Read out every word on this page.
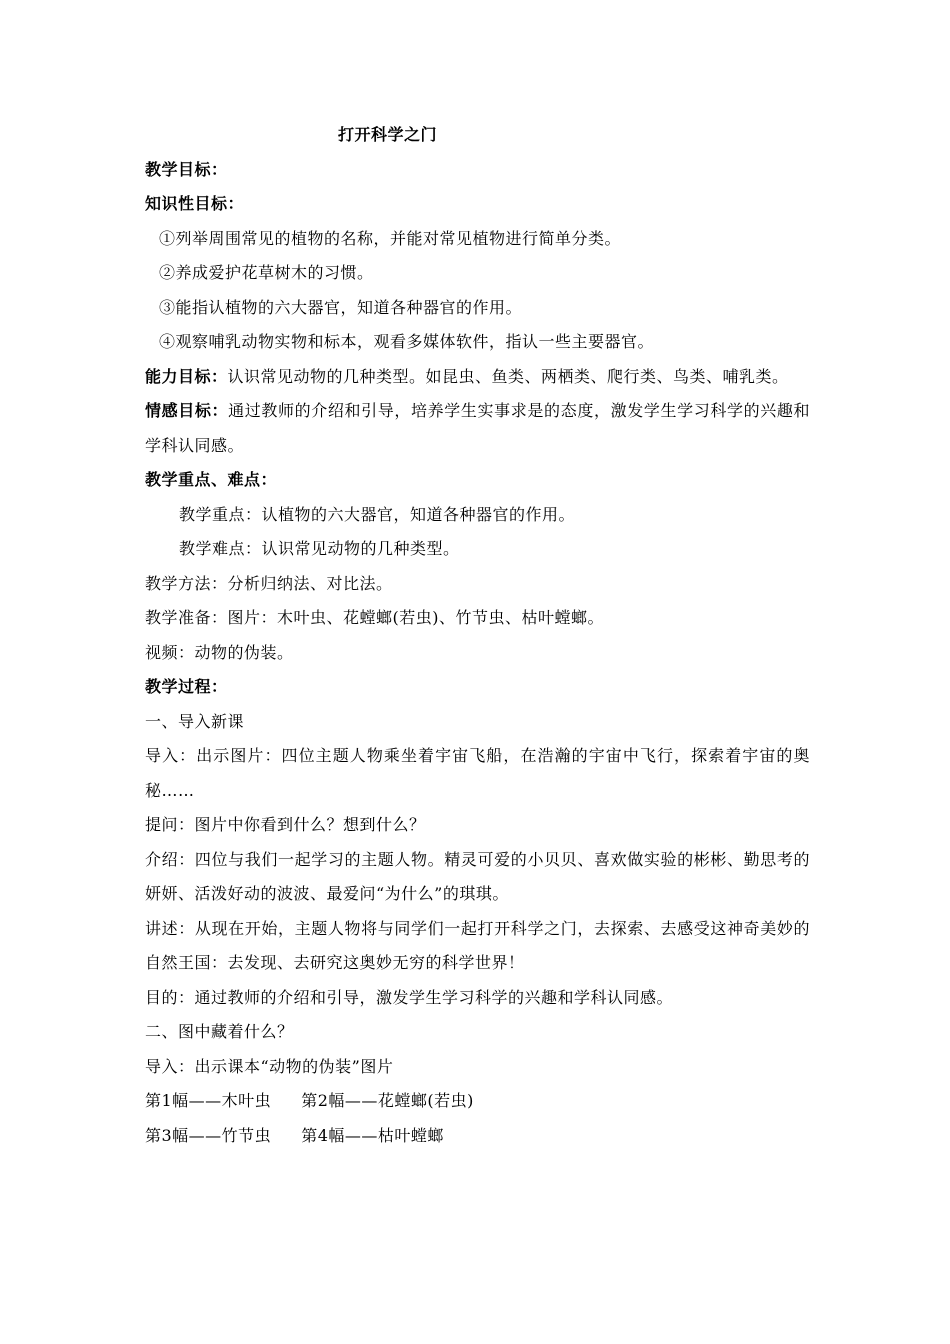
打开科学之门
教学目标：
知识性目标：
①列举周围常见的植物的名称，并能对常见植物进行简单分类。
②养成爱护花草树木的习惯。
③能指认植物的六大器官，知道各种器官的作用。
④观察哺乳动物实物和标本，观看多媒体软件，指认一些主要器官。
能力目标：认识常见动物的几种类型。如昆虫、鱼类、两栖类、爬行类、鸟类、哺乳类。
情感目标：通过教师的介绍和引导，培养学生实事求是的态度，激发学生学习科学的兴趣和学科认同感。
教学重点、难点：
教学重点：认植物的六大器官，知道各种器官的作用。
教学难点：认识常见动物的几种类型。
教学方法：分析归纳法、对比法。
教学准备：图片：木叶虫、花螳螂(若虫)、竹节虫、枯叶螳螂。
视频：动物的伪装。
教学过程：
一、导入新课
导入：出示图片：四位主题人物乘坐着宇宙飞船，在浩瀚的宇宙中飞行，探索着宇宙的奥秘……
提问：图片中你看到什么？想到什么？
介绍：四位与我们一起学习的主题人物。精灵可爱的小贝贝、喜欢做实验的彬彬、勤思考的妍妍、活泼好动的波波、最爱问“为什么”的琪琪。
讲述：从现在开始，主题人物将与同学们一起打开科学之门，去探索、去感受这神奇美妙的自然王国：去发现、去研究这奥妙无穷的科学世界！
目的：通过教师的介绍和引导，激发学生学习科学的兴趣和学科认同感。
二、图中藏着什么？
导入：出示课本“动物的伪装”图片
第1幅——木叶虫 第2幅——花螳螂(若虫)
第3幅——竹节虫 第4幅——枯叶螳螂
